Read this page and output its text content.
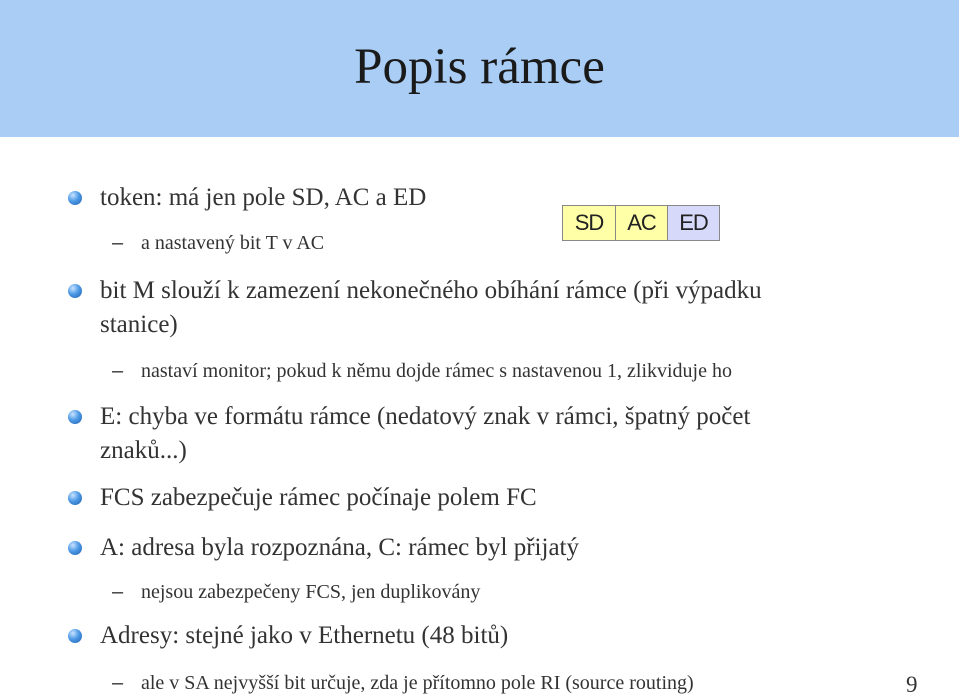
Popis rámce
token: má jen pole SD, AC a ED
– a nastavený bit T v AC
SD	AC	ED
bit M slouží k zamezení nekonečného obíhání rámce (při výpadku
stanice)
– nastaví monitor; pokud k němu dojde rámec s nastavenou 1, zlikviduje ho
E: chyba ve formátu rámce (nedatový znak v rámci, špatný počet
znaků...)
FCS zabezpečuje rámec počínaje polem FC
A: adresa byla rozpoznána, C: rámec byl přijatý
– nejsou zabezpečeny FCS, jen duplikovány
Adresy: stejné jako v Ethernetu (48 bitů)
– ale v SA nejvyšší bit určuje, zda je přítomno pole RI (source routing)	9
